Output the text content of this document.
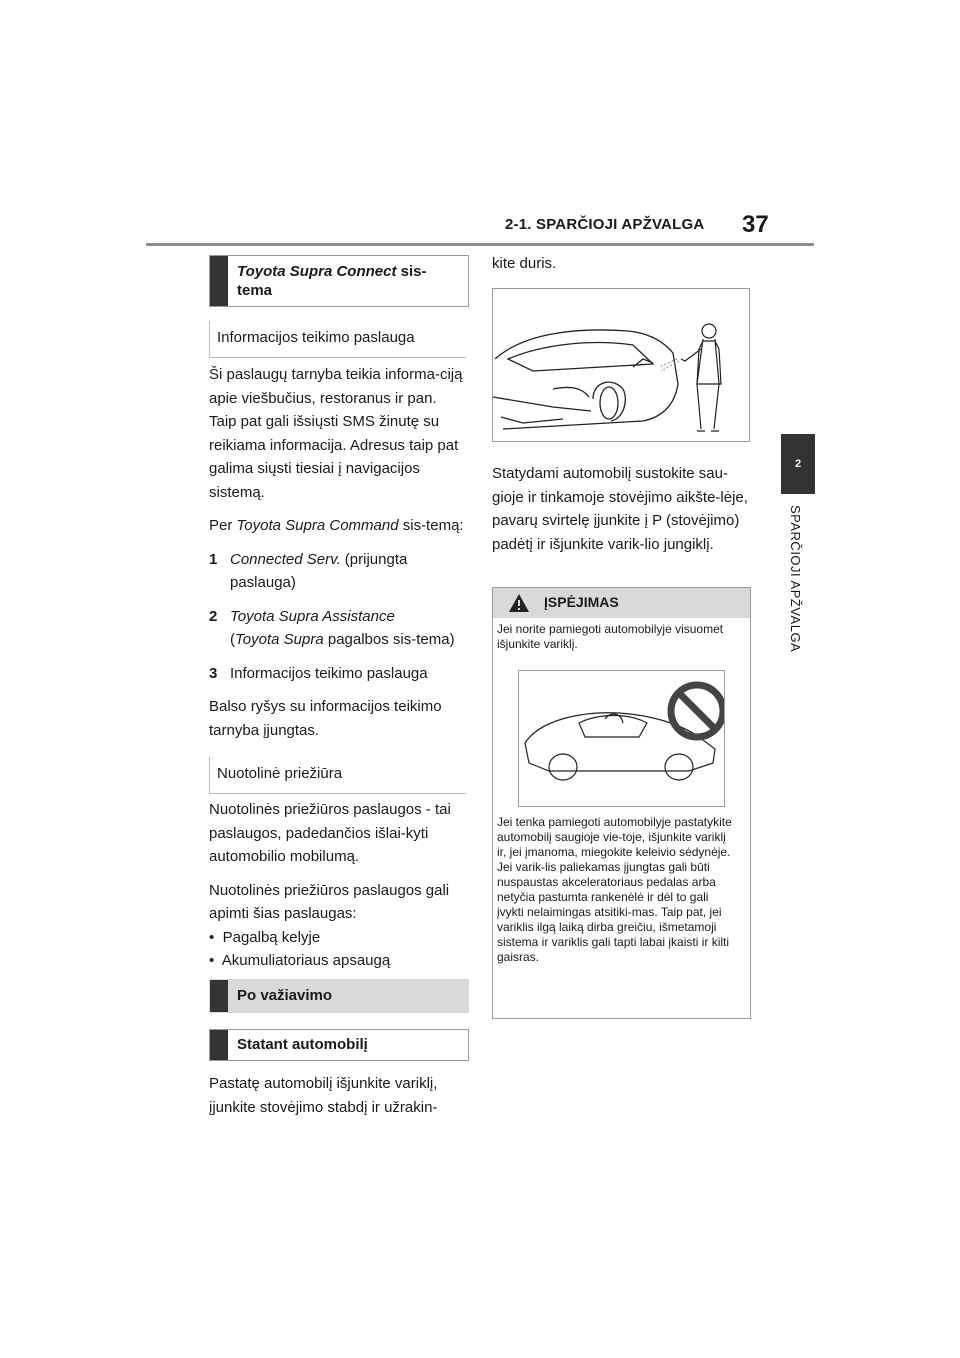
2-1. SPARČIOJI APŽVALGA 37
2
SPARČIOJI APŽVALGA
Toyota Supra Connect sis-tema
Informacijos teikimo paslauga

Ši paslaugų tarnyba teikia informa-ciją apie viešbučius, restoranus ir pan. Taip pat gali išsiųsti SMS žinutę su reikiama informacija. Adresus taip pat galima siųsti tiesiai į navigacijos sistemą.

Per Toyota Supra Command sis-temą:

1 Connected Serv. (prijungta paslauga)
2 Toyota Supra Assistance
(Toyota Supra pagalbos sis-tema)
3 Informacijos teikimo paslauga

Balso ryšys su informacijos teikimo tarnyba įjungtas.

Nuotolinė priežiūra

Nuotolinės priežiūros paslaugos - tai paslaugos, padedančios išlai-kyti automobilio mobilumą.

Nuotolinės priežiūros paslaugos gali apimti šias paslaugas:

•  Pagalbą kelyje
•  Akumuliatoriaus apsaugą
Po važiavimo
Statant automobilį
Pastatę automobilį išjunkite variklį, įjunkite stovėjimo stabdį ir užrakin-
kite duris.
Statydami automobilį sustokite sau-gioje ir tinkamoje stovėjimo aikšte-lėje, pavarų svirtelę įjunkite į P (stovėjimo) padėtį ir išjunkite varik-lio jungiklį.
ĮSPĖJIMAS
Jei norite pamiegoti automobilyje visuomet išjunkite variklį.
Jei tenka pamiegoti automobilyje pastatykite automobilį saugioje vie-toje, išjunkite variklį ir, jei įmanoma, miegokite keleivio sėdynėje. Jei varik-lis paliekamas įjungtas gali būti nuspaustas akceleratoriaus pedalas arba netyčia pastumta rankenėlė ir dėl to gali įvykti nelaimingas atsitiki-mas. Taip pat, jei variklis ilgą laiką dirba greičiu, išmetamoji sistema ir variklis gali tapti labai įkaisti ir kilti gaisras.
